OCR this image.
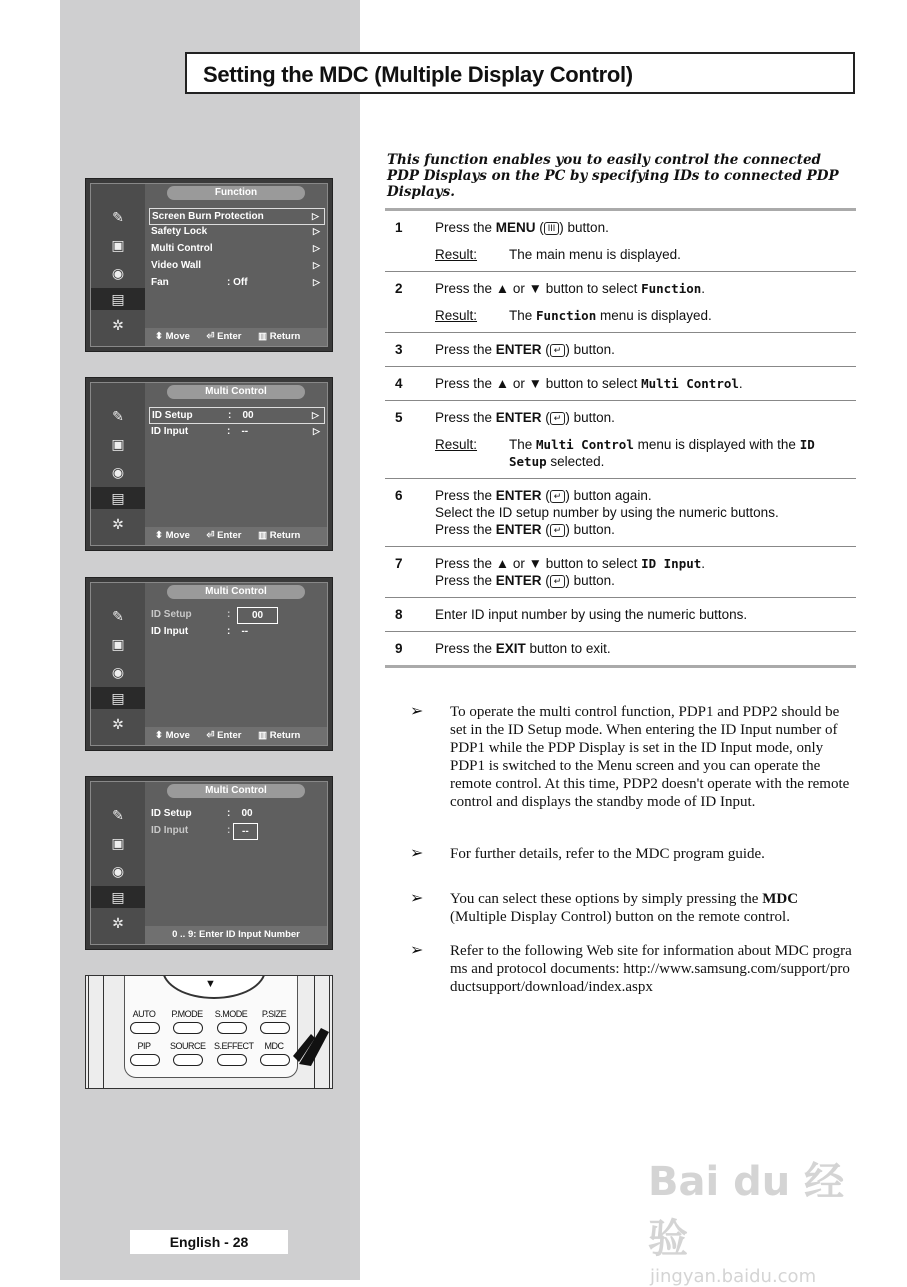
Setting the MDC (Multiple Display Control)
This function enables you to easily control the connected PDP Displays on the PC by specifying IDs to connected PDP Displays.
✎
▣
◉
▤
✲
Function
Screen Burn Protection	▷
Safety Lock	▷
Multi Control	▷
Video Wall	▷
Fan	: Off	▷
⬍ Move ⏎ Enter ▥ Return
✎
▣
◉
▤
✲
Multi Control
ID Setup	:    00	▷
ID Input	:    --	▷
⬍ Move ⏎ Enter ▥ Return
✎
▣
◉
▤
✲
Multi Control
ID Setup	:	00
ID Input	:    --
⬍ Move ⏎ Enter ▥ Return
✎
▣
◉
▤
✲
Multi Control
ID Setup	:    00
ID Input	:	--
0 .. 9: Enter ID Input Number
▼
AUTO	P.MODE S.MODE	P.SIZE
PIP	SOURCE S.EFFECT	MDC
1	Press the MENU ( III ) button.
Result: The main menu is displayed.

2	Press the ▲ or ▼ button to select Function.
Result: The Function menu is displayed.

3	Press the ENTER ( ↵ ) button.
4	Press the ▲ or ▼ button to select Multi Control.
5	Press the ENTER ( ↵ ) button.
Result: The Multi Control menu is displayed with the ID Setup selected.

6	Press the ENTER ( ↵ ) button again.
Select the ID setup number by using the numeric buttons.
Press the ENTER ( ↵ ) button.

7	Press the ▲ or ▼ button to select ID Input.
Press the ENTER ( ↵ ) button.

8	Enter ID input number by using the numeric buttons.
9	Press the EXIT button to exit.
➢ To operate the multi control function, PDP1 and PDP2 should be set in the ID Setup mode. When entering the ID Input number of PDP1 while the PDP Display is set in the ID Input mode, only PDP1 is switched to the Menu screen and you can operate the remote control. At this time, PDP2 doesn't operate with the remote control and displays the standby mode of ID Input.
➢ For further details, refer to the MDC program guide.
➢ You can select these options by simply pressing the MDC (Multiple Display Control) button on the remote control.
➢ Refer to the following Web site for information about MDC programs and protocol documents: http://www.samsung.com/support/productsupport/download/index.aspx
English - 28
Bai du 经验
jingyan.baidu.com
